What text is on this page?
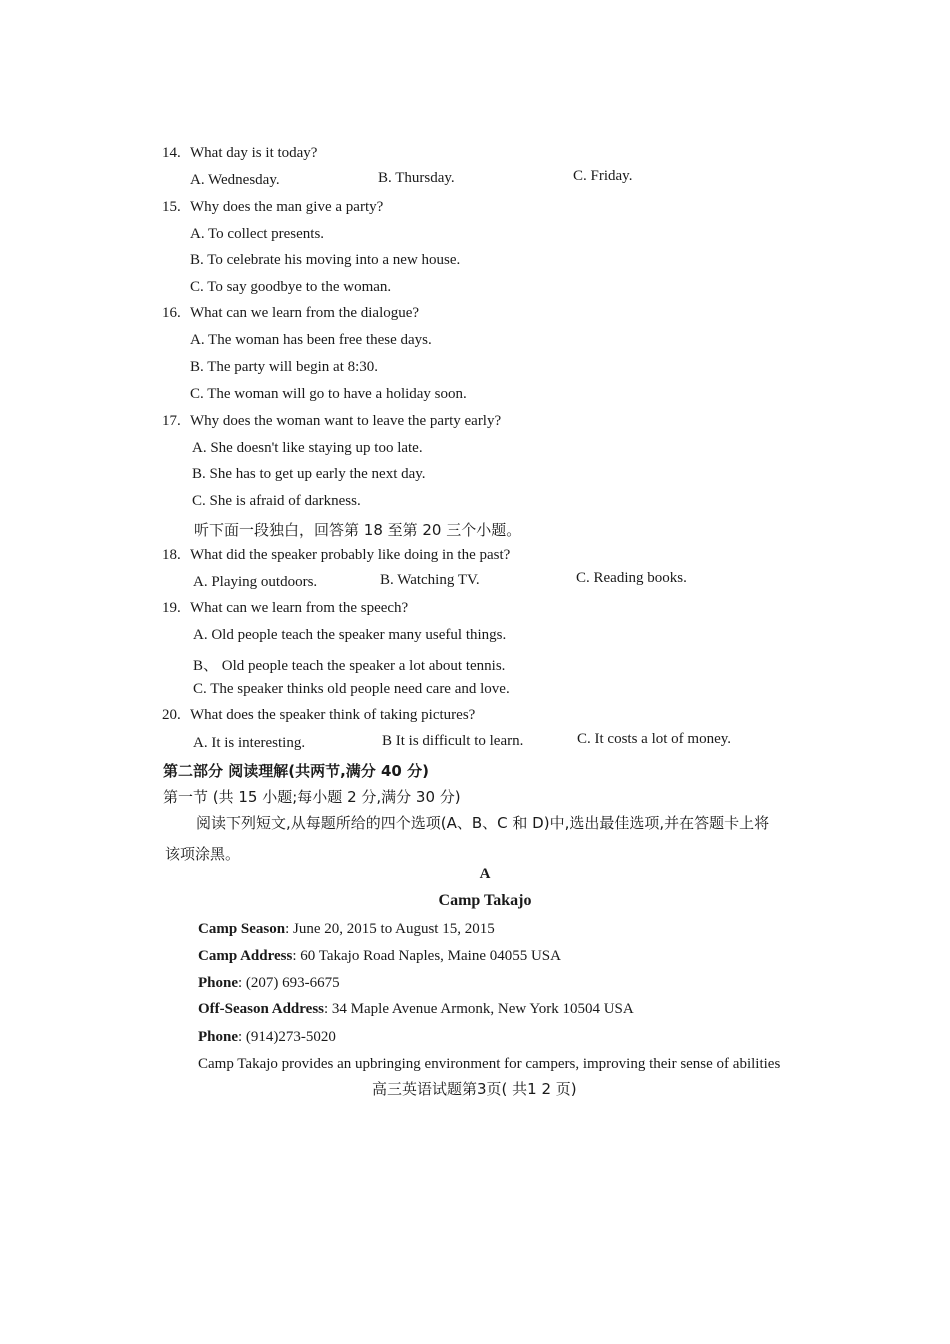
14. What day is it today?
A. Wednesday.	B. Thursday.	C. Friday.
15. Why does the man give a party?
A. To collect presents.
B. To celebrate his moving into a new house.
C. To say goodbye to the woman.
16. What can we learn from the dialogue?
A. The woman has been free these days.
B. The party will begin at 8:30.
C. The woman will go to have a holiday soon.
17. Why does the woman want to leave the party early?
A. She doesn't like staying up too late.
B. She has to get up early the next day.
C. She is afraid of darkness.
听下面一段独白，回答第 18 至第 20 三个小题。
18. What did the speaker probably like doing in the past?
A. Playing outdoors.	B. Watching TV.	C. Reading books.
19. What can we learn from the speech?
A. Old people teach the speaker many useful things.
B、 Old people teach the speaker a lot about tennis.
C. The speaker thinks old people need care and love.
20. What does the speaker think of taking pictures?
A. It is interesting.	B It is difficult to learn.	C. It costs a lot of money.
第二部分 阅读理解(共两节,满分 40 分)
第一节 (共 15 小题;每小题 2 分,满分 30 分)
阅读下列短文,从每题所给的四个选项(A、B、C 和 D)中,选出最佳选项,并在答题卡上将
该项涂黑。
A
Camp Takajo
Camp Season: June 20, 2015 to August 15, 2015
Camp Address: 60 Takajo Road Naples, Maine 04055 USA
Phone: (207) 693-6675
Off-Season Address: 34 Maple Avenue Armonk, New York 10504 USA
Phone: (914)273-5020
Camp Takajo provides an upbringing environment for campers, improving their sense of abilities
高三英语试题第3页( 共1 2 页)
